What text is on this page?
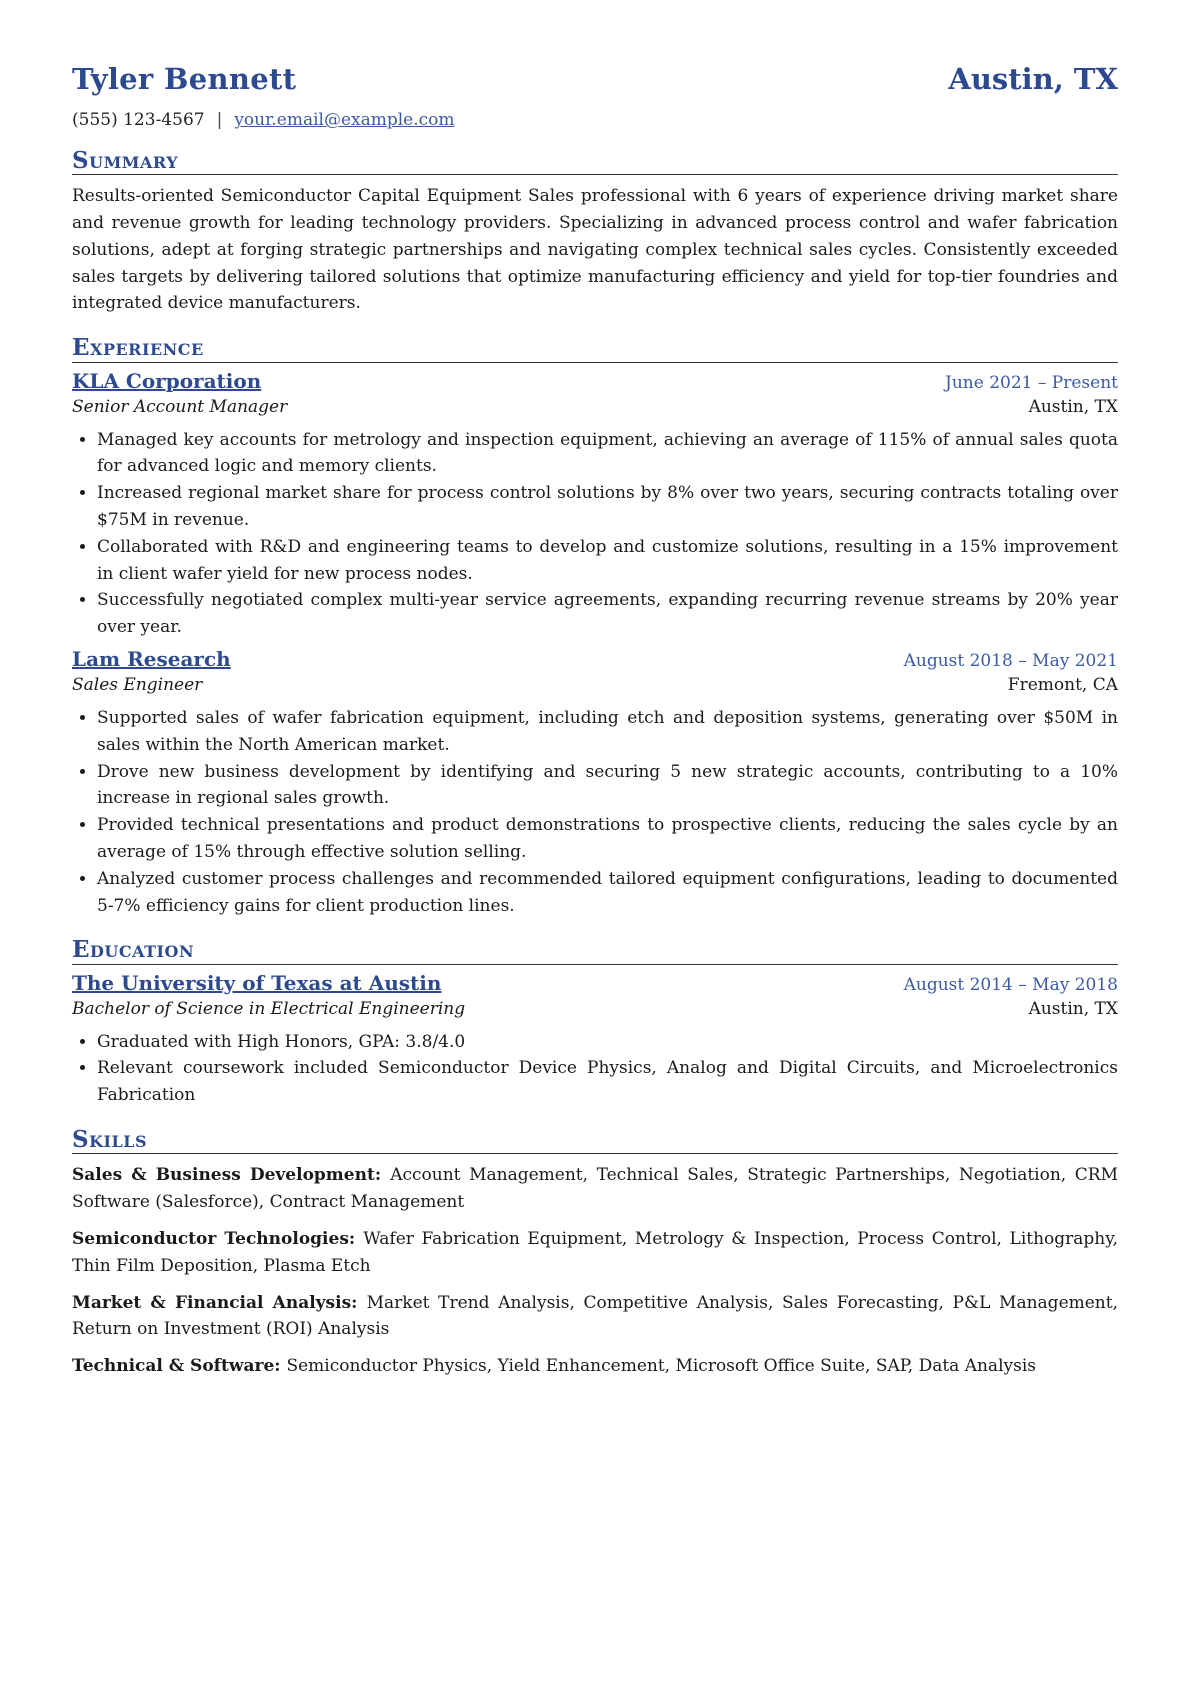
Tyler Bennett	Austin, TX
(555) 123-4567 | your.email@example.com
Summary
Results-oriented Semiconductor Capital Equipment Sales professional with 6 years of experience driving market share and revenue growth for leading technology providers. Specializing in advanced process control and wafer fabrication solutions, adept at forging strategic partnerships and navigating complex technical sales cycles. Consistently exceeded sales targets by delivering tailored solutions that optimize manufacturing efficiency and yield for top-tier foundries and integrated device manufacturers.
Experience
KLA Corporation	June 2021 – Present
Senior Account Manager	Austin, TX
• Managed key accounts for metrology and inspection equipment, achieving an average of 115% of annual sales quota for advanced logic and memory clients.
• Increased regional market share for process control solutions by 8% over two years, securing contracts totaling over $75M in revenue.
• Collaborated with R&D and engineering teams to develop and customize solutions, resulting in a 15% improvement in client wafer yield for new process nodes.
• Successfully negotiated complex multi-year service agreements, expanding recurring revenue streams by 20% year over year.
Lam Research	August 2018 – May 2021
Sales Engineer	Fremont, CA
• Supported sales of wafer fabrication equipment, including etch and deposition systems, generating over $50M in sales within the North American market.
• Drove new business development by identifying and securing 5 new strategic accounts, contributing to a 10% increase in regional sales growth.
• Provided technical presentations and product demonstrations to prospective clients, reducing the sales cycle by an average of 15% through effective solution selling.
• Analyzed customer process challenges and recommended tailored equipment configurations, leading to documented 5-7% efficiency gains for client production lines.
Education
The University of Texas at Austin	August 2014 – May 2018
Bachelor of Science in Electrical Engineering	Austin, TX
• Graduated with High Honors, GPA: 3.8/4.0
• Relevant coursework included Semiconductor Device Physics, Analog and Digital Circuits, and Microelectronics Fabrication
Skills
Sales & Business Development: Account Management, Technical Sales, Strategic Partnerships, Negotiation, CRM Software (Salesforce), Contract Management
Semiconductor Technologies: Wafer Fabrication Equipment, Metrology & Inspection, Process Control, Lithography, Thin Film Deposition, Plasma Etch
Market & Financial Analysis: Market Trend Analysis, Competitive Analysis, Sales Forecasting, P&L Management, Return on Investment (ROI) Analysis
Technical & Software: Semiconductor Physics, Yield Enhancement, Microsoft Office Suite, SAP, Data Analysis
